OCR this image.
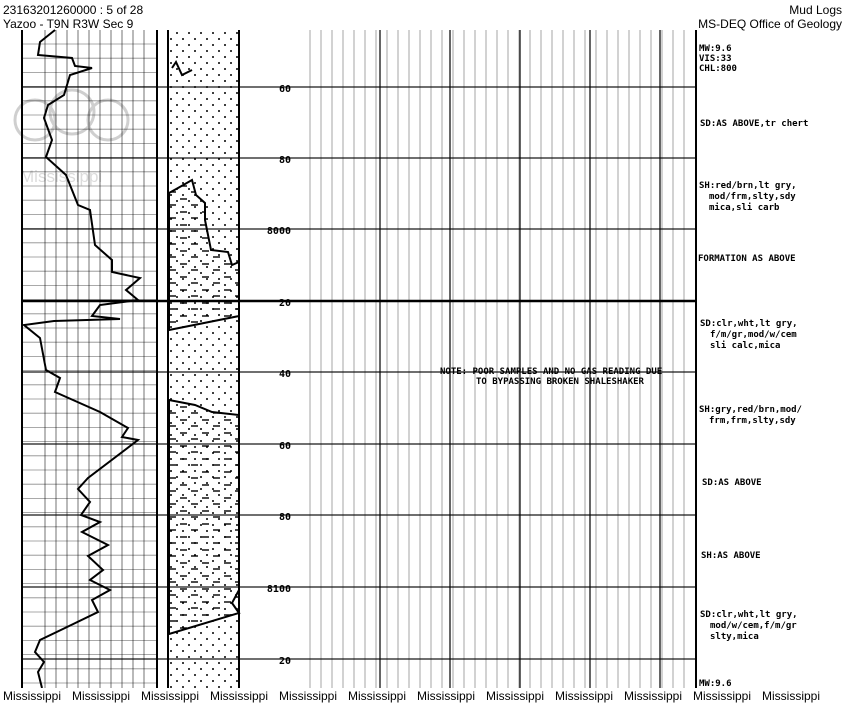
23163201260000 : 5 of 28
Yazoo - T9N R3W Sec 9
Mud Logs
MS-DEQ Office of Geology
Mississippi
60
80
8000
20
40
60
80
8100
20
MW:9.6
VIS:33
CHL:800
SD:AS ABOVE,tr chert
SH:red/brn,lt gry,
mod/frm,slty,sdy
mica,sli carb
FORMATION AS ABOVE
SD:clr,wht,lt gry,
f/m/gr,mod/w/cem
sli calc,mica
SH:gry,red/brn,mod/
frm,frm,slty,sdy
SD:AS ABOVE
SH:AS ABOVE
SD:clr,wht,lt gry,
mod/w/cem,f/m/gr
slty,mica
MW:9.6
NOTE: POOR SAMPLES AND NO GAS READING DUE
TO BYPASSING BROKEN SHALESHAKER
Mississippi Mississippi Mississippi Mississippi Mississippi Mississippi Mississippi Mississippi Mississippi Mississippi Mississippi Mississippi
